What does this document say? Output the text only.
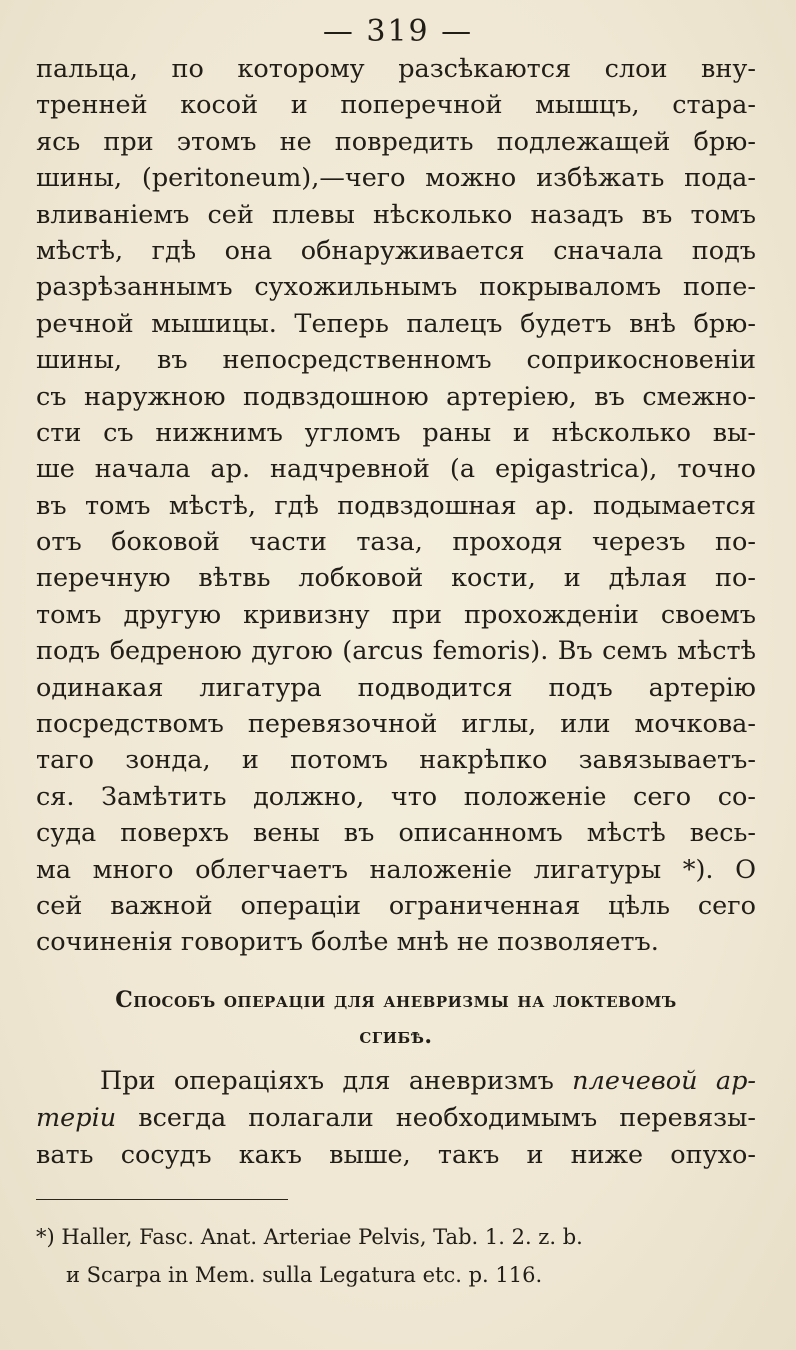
— 319 —
пальца, по которому разсѣкаются слои вну-
тренней косой и поперечной мышцъ, стара-
ясь при этомъ не повредить подлежащей брю-
шины, (peritoneum),—чего можно избѣжать пода-
вливаніемъ сей плевы нѣсколько назадъ въ томъ
мѣстѣ, гдѣ она обнаруживается сначала подъ
разрѣзаннымъ сухожильнымъ покрываломъ попе-
речной мышицы. Теперь палецъ будетъ внѣ брю-
шины, въ непосредственномъ соприкосновеніи
съ наружною подвздошною артеріею, въ смежно-
сти съ нижнимъ угломъ раны и нѣсколько вы-
ше начала ар. надчревной (a epigastrica), точно
въ томъ мѣстѣ, гдѣ подвздошная ар. подымается
отъ боковой части таза, проходя черезъ по-
перечную вѣтвь лобковой кости, и дѣлая по-
томъ другую кривизну при прохожденіи своемъ
подъ бедреною дугою (arcus femoris). Въ семъ мѣстѣ
одинакая лигатура подводится подъ артерію
посредствомъ перевязочной иглы, или мочкова-
таго зонда, и потомъ накрѣпко завязываетъ-
ся. Замѣтить должно, что положеніе сего со-
суда поверхъ вены въ описанномъ мѣстѣ весь-
ма много облегчаетъ наложеніе лигатуры *). О
сей важной операціи ограниченная цѣль сего
сочиненія говоритъ болѣе мнѣ не позволяетъ.
Способъ операціи для аневризмы на локтевомъ
сгибѣ.
При операціяхъ для аневризмъ плечевой ар-
теріи всегда полагали необходимымъ перевязы-
вать сосудъ какъ выше, такъ и ниже опухо-
*) Haller, Fasc. Anat. Arteriae Pelvis, Tab. 1. 2. z. b.
и Scarpa in Mem. sulla Legatura etc. p. 116.
